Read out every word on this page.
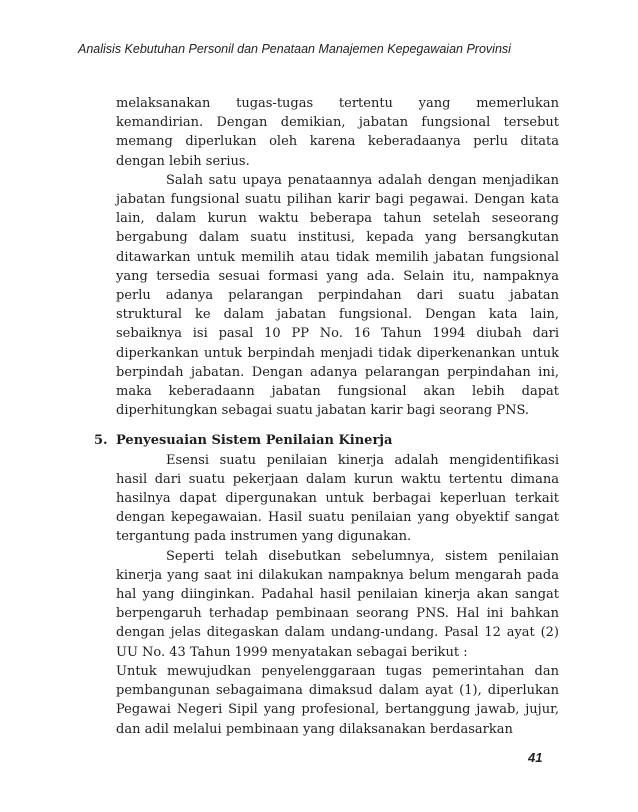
Analisis Kebutuhan Personil dan Penataan Manajemen Kepegawaian Provinsi

melaksanakan tugas-tugas tertentu yang memerlukan kemandirian. Dengan demikian, jabatan fungsional tersebut memang diperlukan oleh karena keberadaanya perlu ditata dengan lebih serius.

Salah satu upaya penataannya adalah dengan menjadikan jabatan fungsional suatu pilihan karir bagi pegawai. Dengan kata lain, dalam kurun waktu beberapa tahun setelah seseorang bergabung dalam suatu institusi, kepada yang bersangkutan ditawarkan untuk memilih atau tidak memilih jabatan fungsional yang tersedia sesuai formasi yang ada. Selain itu, nampaknya perlu adanya pelarangan perpindahan dari suatu jabatan struktural ke dalam jabatan fungsional. Dengan kata lain, sebaiknya isi pasal 10 PP No. 16 Tahun 1994 diubah dari diperkankan untuk berpindah menjadi tidak diperkenankan untuk berpindah jabatan. Dengan adanya pelarangan perpindahan ini, maka keberadaann jabatan fungsional akan lebih dapat diperhitungkan sebagai suatu jabatan karir bagi seorang PNS.

5. Penyesuaian Sistem Penilaian Kinerja

Esensi suatu penilaian kinerja adalah mengidentifikasi hasil dari suatu pekerjaan dalam kurun waktu tertentu dimana hasilnya dapat dipergunakan untuk berbagai keperluan terkait dengan kepegawaian. Hasil suatu penilaian yang obyektif sangat tergantung pada instrumen yang digunakan.

Seperti telah disebutkan sebelumnya, sistem penilaian kinerja yang saat ini dilakukan nampaknya belum mengarah pada hal yang diinginkan. Padahal hasil penilaian kinerja akan sangat berpengaruh terhadap pembinaan seorang PNS. Hal ini bahkan dengan jelas ditegaskan dalam undang-undang. Pasal 12 ayat (2) UU No. 43 Tahun 1999 menyatakan sebagai berikut :

Untuk mewujudkan penyelenggaraan tugas pemerintahan dan pembangunan sebagaimana dimaksud dalam ayat (1), diperlukan Pegawai Negeri Sipil yang profesional, bertanggung jawab, jujur, dan adil melalui pembinaan yang dilaksanakan berdasarkan

41
